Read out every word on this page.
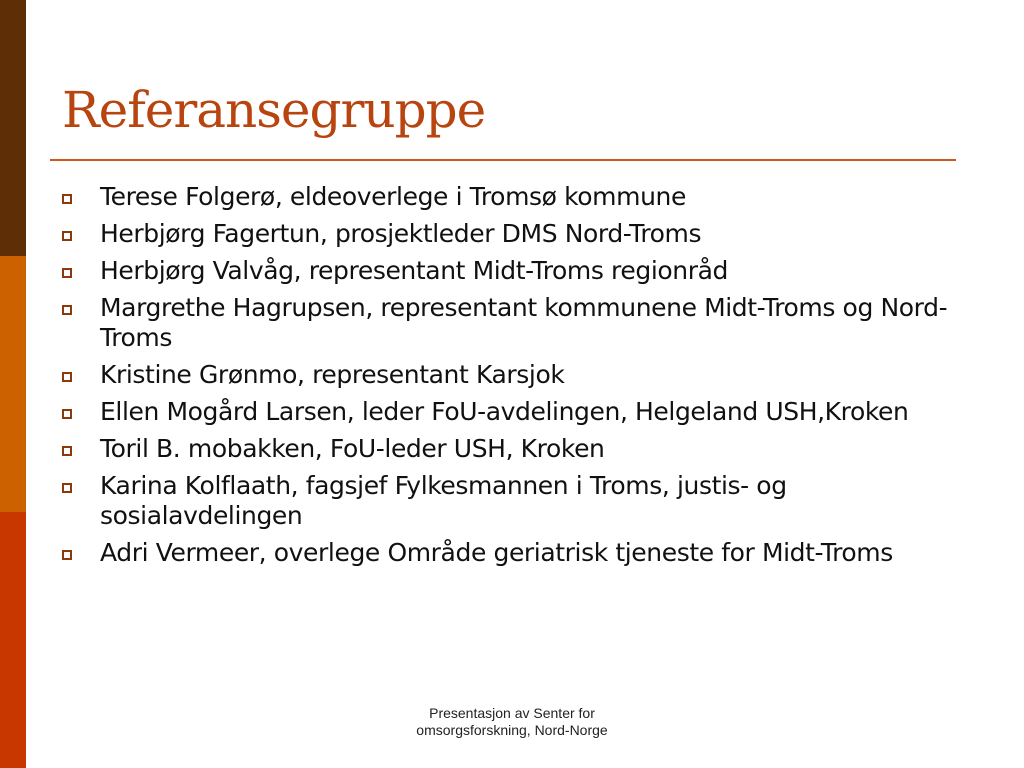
Referansegruppe
Terese Folgerø, eldeoverlege i Tromsø kommune
Herbjørg Fagertun, prosjektleder DMS Nord-Troms
Herbjørg Valvåg, representant Midt-Troms regionråd
Margrethe Hagrupsen, representant kommunene Midt-Troms og Nord-Troms
Kristine Grønmo, representant Karsjok
Ellen Mogård Larsen, leder FoU-avdelingen, Helgeland USH,Kroken
Toril B. mobakken, FoU-leder USH, Kroken
Karina Kolflaath, fagsjef Fylkesmannen i Troms, justis- og sosialavdelingen
Adri Vermeer, overlege Område geriatrisk tjeneste for Midt-Troms
Presentasjon av Senter for omsorgsforskning, Nord-Norge
